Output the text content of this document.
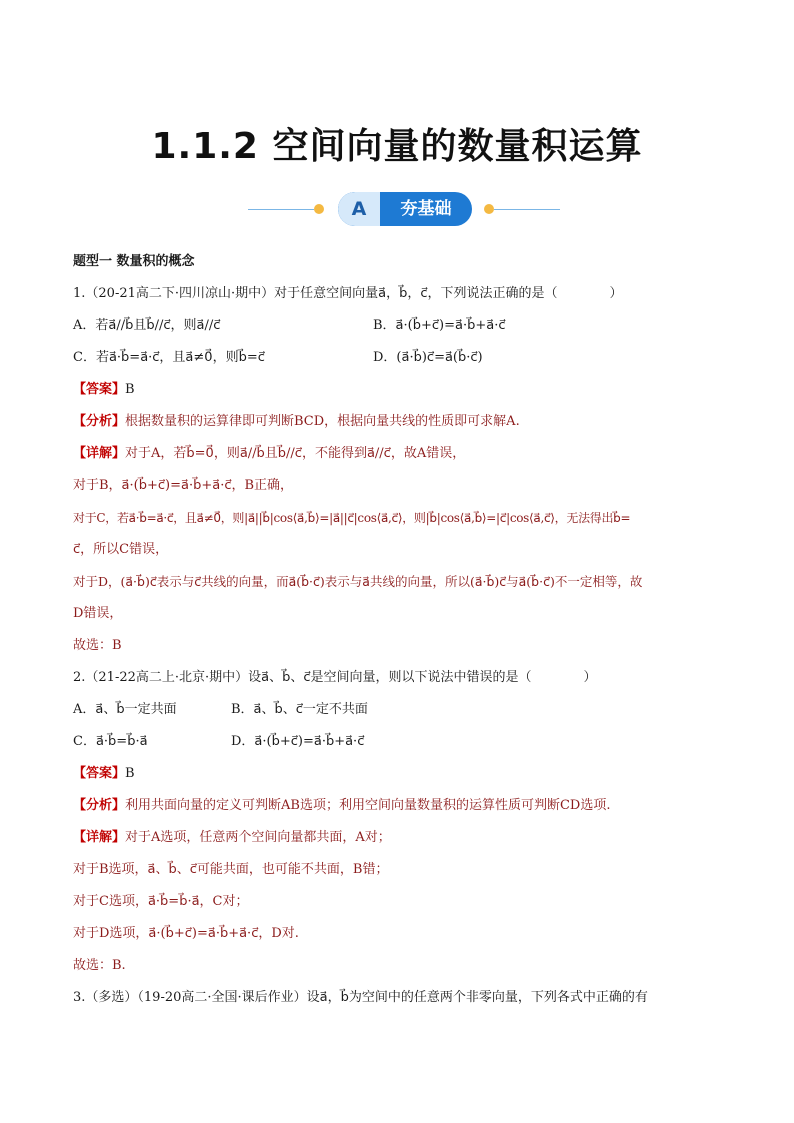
1.1.2 空间向量的数量积运算
A	夯基础
题型一 数量积的概念
1.（20-21高二下·四川凉山·期中）对于任意空间向量a⃗，b⃗，c⃗，下列说法正确的是（　　　　）
A．若a⃗//b⃗且b⃗//c⃗，则a⃗//c⃗	B．a⃗·(b⃗+c⃗)=a⃗·b⃗+a⃗·c⃗
C．若a⃗·b⃗=a⃗·c⃗，且a⃗≠0⃗，则b⃗=c⃗	D．(a⃗·b⃗)c⃗=a⃗(b⃗·c⃗)
【答案】B
【分析】根据数量积的运算律即可判断BCD，根据向量共线的性质即可求解A.
【详解】对于A，若b⃗=0⃗，则a⃗//b⃗且b⃗//c⃗，不能得到a⃗//c⃗，故A错误，
对于B，a⃗·(b⃗+c⃗)=a⃗·b⃗+a⃗·c⃗，B正确，
对于C，若a⃗·b⃗=a⃗·c⃗，且a⃗≠0⃗，则|a⃗||b⃗|cos⟨a⃗,b⃗⟩=|a⃗||c⃗|cos⟨a⃗,c⃗⟩，则|b⃗|cos⟨a⃗,b⃗⟩=|c⃗|cos⟨a⃗,c⃗⟩，无法得出b⃗=
c⃗，所以C错误，
对于D，(a⃗·b⃗)c⃗表示与c⃗共线的向量，而a⃗(b⃗·c⃗)表示与a⃗共线的向量，所以(a⃗·b⃗)c⃗与a⃗(b⃗·c⃗)不一定相等，故
D错误，
故选：B
2.（21-22高二上·北京·期中）设a⃗、b⃗、c⃗是空间向量，则以下说法中错误的是（　　　　）
A．a⃗、b⃗一定共面	B．a⃗、b⃗、c⃗一定不共面
C．a⃗·b⃗=b⃗·a⃗	D．a⃗·(b⃗+c⃗)=a⃗·b⃗+a⃗·c⃗
【答案】B
【分析】利用共面向量的定义可判断AB选项；利用空间向量数量积的运算性质可判断CD选项.
【详解】对于A选项，任意两个空间向量都共面，A对；
对于B选项，a⃗、b⃗、c⃗可能共面，也可能不共面，B错；
对于C选项，a⃗·b⃗=b⃗·a⃗，C对；
对于D选项，a⃗·(b⃗+c⃗)=a⃗·b⃗+a⃗·c⃗，D对.
故选：B.
3.（多选）（19-20高二·全国·课后作业）设a⃗，b⃗为空间中的任意两个非零向量，下列各式中正确的有
